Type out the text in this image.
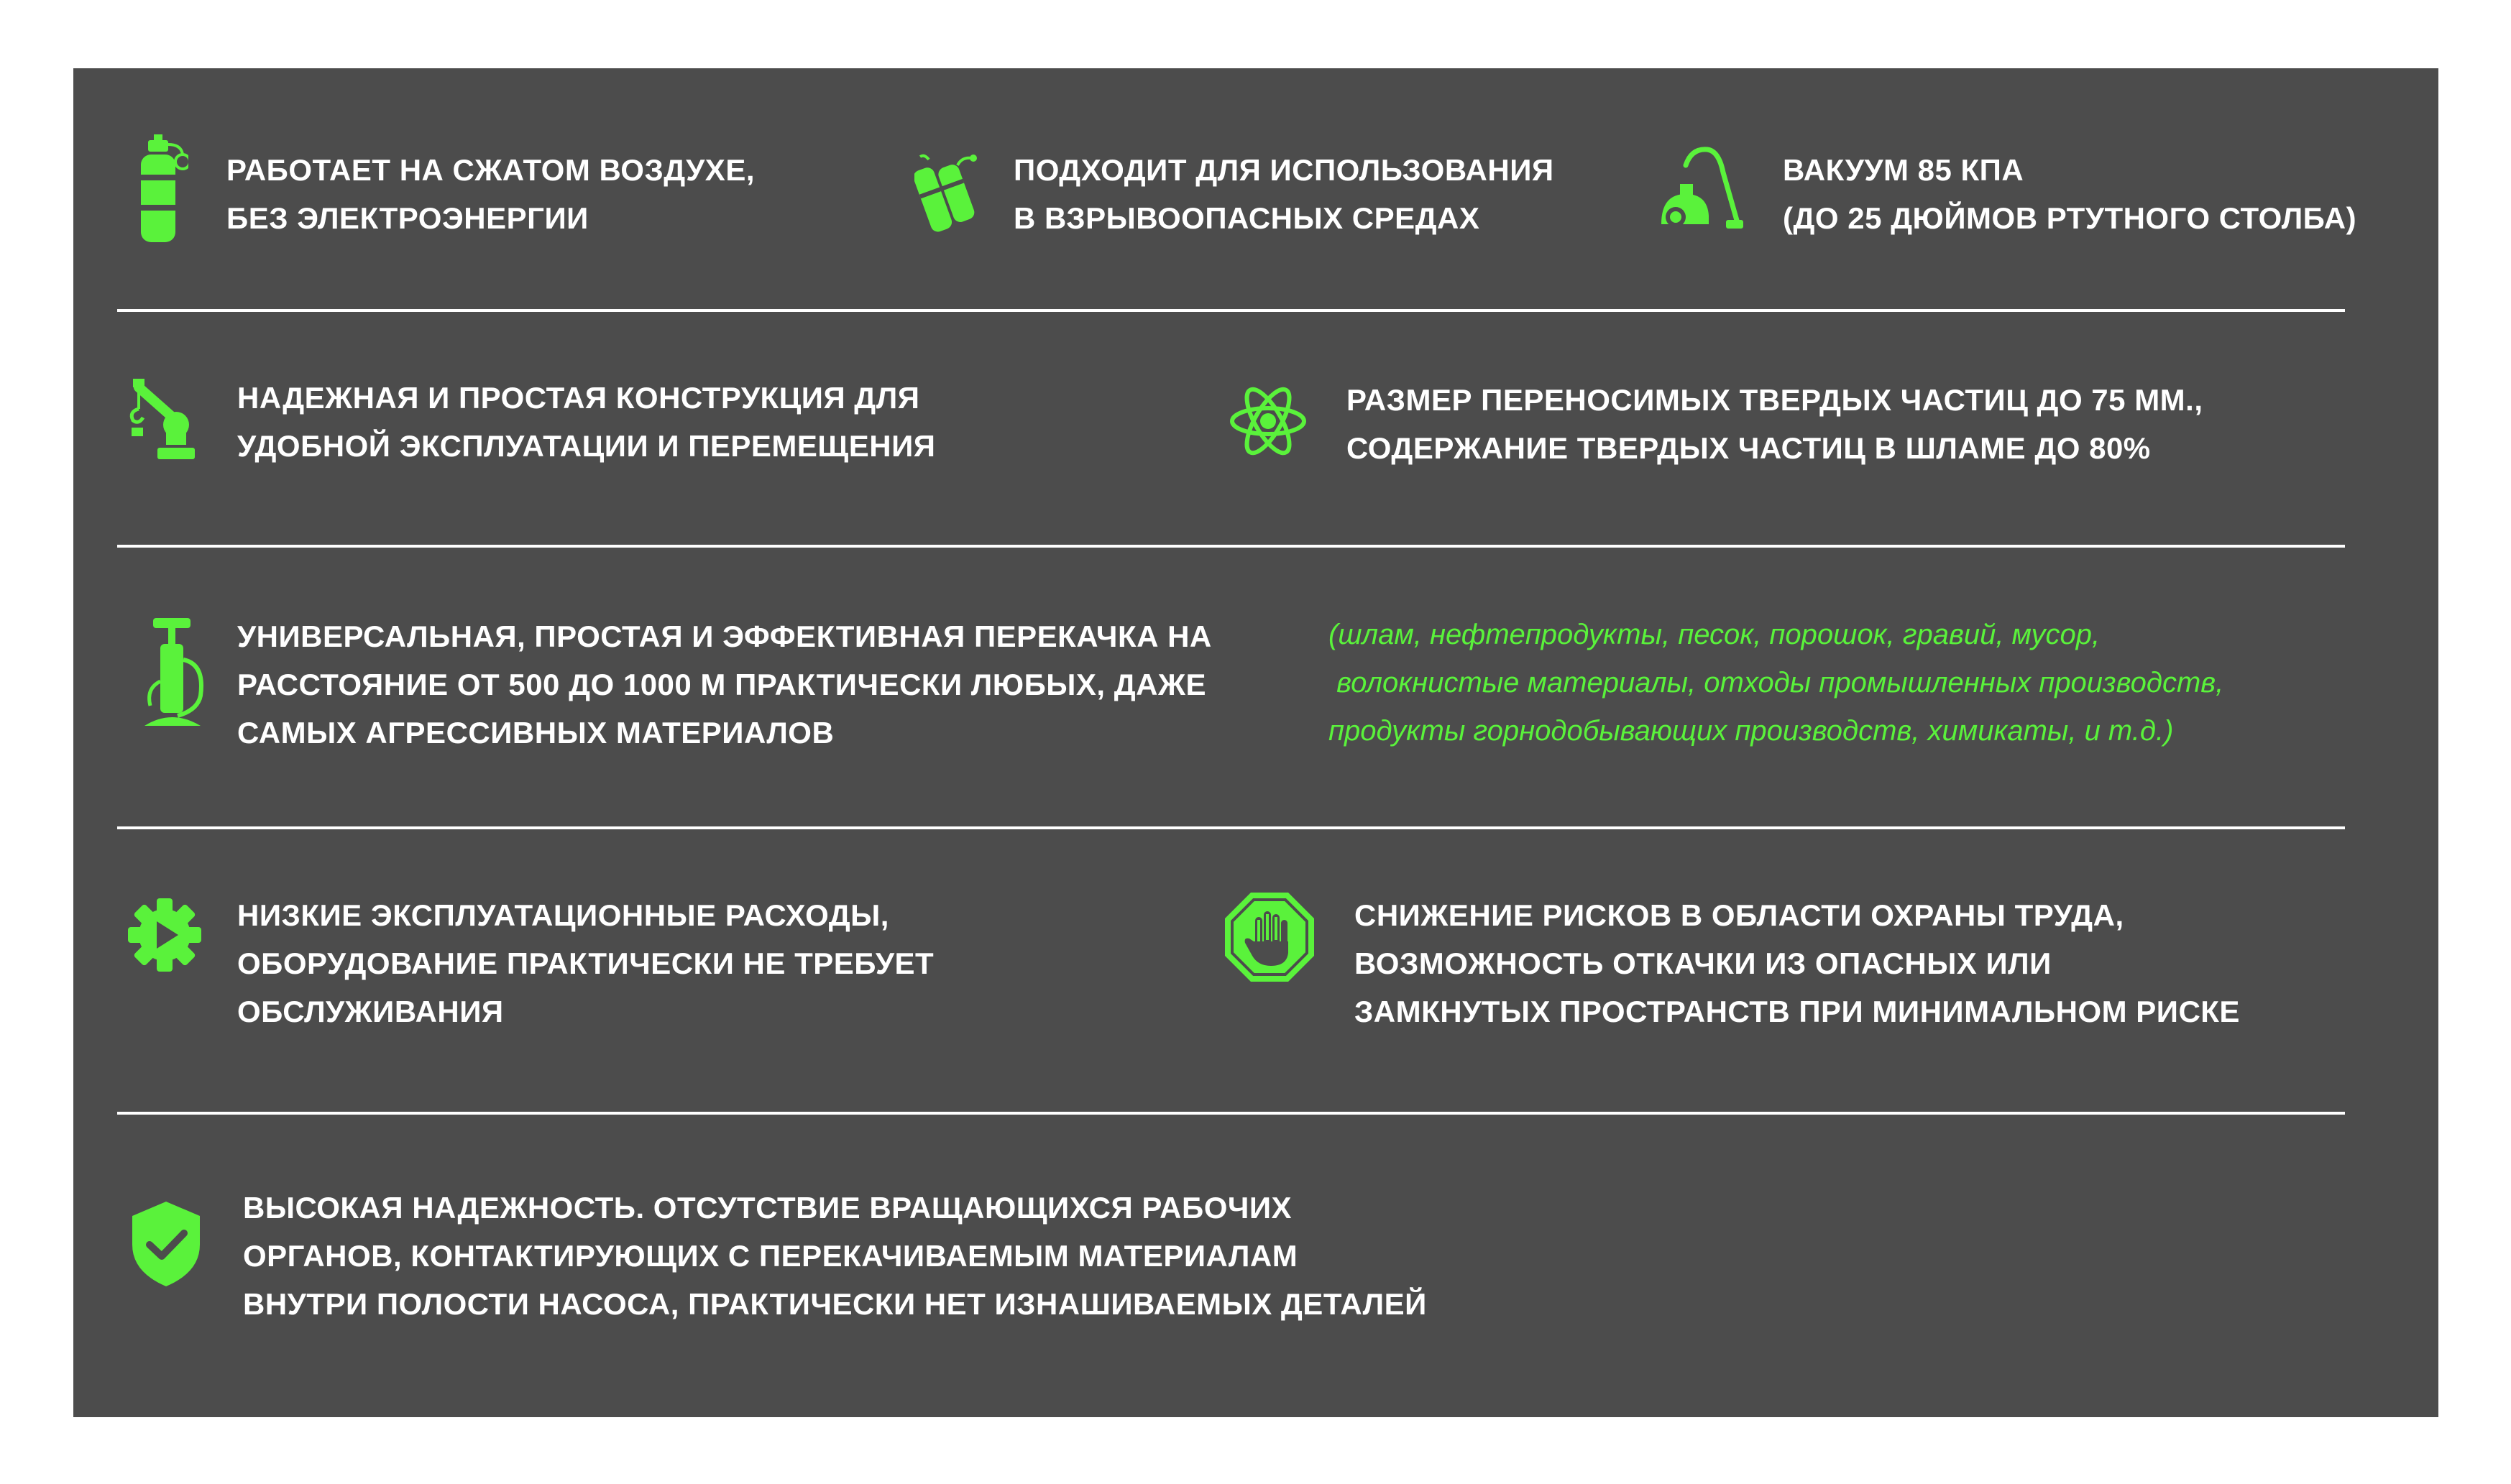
РАБОТАЕТ НА СЖАТОМ ВОЗДУХЕ,
БЕЗ ЭЛЕКТРОЭНЕРГИИ
ПОДХОДИТ ДЛЯ ИСПОЛЬЗОВАНИЯ
В ВЗРЫВООПАСНЫХ СРЕДАХ
ВАКУУМ 85 КПА
(ДО 25 ДЮЙМОВ РТУТНОГО СТОЛБА)
НАДЕЖНАЯ И ПРОСТАЯ КОНСТРУКЦИЯ ДЛЯ
УДОБНОЙ ЭКСПЛУАТАЦИИ И ПЕРЕМЕЩЕНИЯ
РАЗМЕР ПЕРЕНОСИМЫХ ТВЕРДЫХ ЧАСТИЦ ДО 75 ММ.,
СОДЕРЖАНИЕ ТВЕРДЫХ ЧАСТИЦ В ШЛАМЕ ДО 80%
УНИВЕРСАЛЬНАЯ, ПРОСТАЯ И ЭФФЕКТИВНАЯ ПЕРЕКАЧКА НА
РАССТОЯНИЕ ОТ 500 ДО 1000 М ПРАКТИЧЕСКИ ЛЮБЫХ, ДАЖЕ
САМЫХ АГРЕССИВНЫХ МАТЕРИАЛОВ
(шлам, нефтепродукты, песок, порошок, гравий, мусор,
волокнистые материалы, отходы промышленных производств,
продукты горнодобывающих производств, химикаты, и т.д.)
НИЗКИЕ ЭКСПЛУАТАЦИОННЫЕ РАСХОДЫ,
ОБОРУДОВАНИЕ ПРАКТИЧЕСКИ НЕ ТРЕБУЕТ
ОБСЛУЖИВАНИЯ
СНИЖЕНИЕ РИСКОВ В ОБЛАСТИ ОХРАНЫ ТРУДА,
ВОЗМОЖНОСТЬ ОТКАЧКИ ИЗ ОПАСНЫХ ИЛИ
ЗАМКНУТЫХ ПРОСТРАНСТВ ПРИ МИНИМАЛЬНОМ РИСКЕ
ВЫСОКАЯ НАДЕЖНОСТЬ. ОТСУТСТВИЕ ВРАЩАЮЩИХСЯ РАБОЧИХ
ОРГАНОВ, КОНТАКТИРУЮЩИХ С ПЕРЕКАЧИВАЕМЫМ МАТЕРИАЛАМ
ВНУТРИ ПОЛОСТИ НАСОСА, ПРАКТИЧЕСКИ НЕТ ИЗНАШИВАЕМЫХ ДЕТАЛЕЙ
